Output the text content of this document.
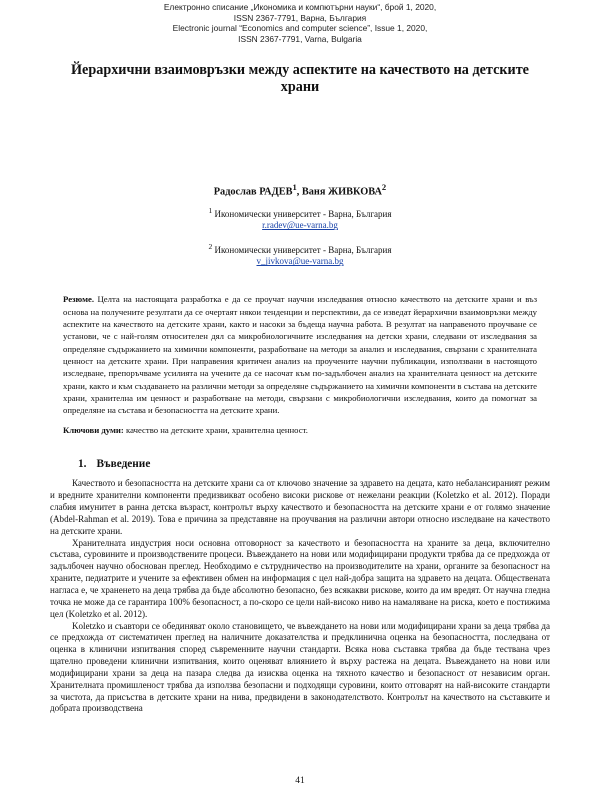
Електронно списание „Икономика и компютърни науки“, брой 1, 2020,
ISSN 2367-7791, Варна, България
Electronic journal “Economics and computer science”, Issue 1, 2020,
ISSN 2367-7791, Varna, Bulgaria
Йерархични взаимовръзки между аспектите на качеството на детските храни
Радослав РАДЕВ$^1$, Ваня ЖИВКОВА$^2$
$^1$ Икономически университет - Варна, България
r.radev@ue-varna.bg
$^2$ Икономически университет - Варна, България
v_jivkova@ue-varna.bg
Резюме. Целта на настоящата разработка е да се проучат научни изследвания относно качеството на детските храни и въз основа на получените резултати да се очертаят някои тенденции и перспективи, да се изведат йерархични взаимовръзки между аспектите на качеството на детските храни, както и насоки за бъдеща научна работа. В резултат на направеното проучване се установи, че с най-голям относителен дял са микробиологичните изследвания на детски храни, следвани от изследвания за определяне съдържанието на химични компоненти, разработване на методи за анализ и изследвания, свързани с хранителната ценност на детските храни. При направения критичен анализ на проучените научни публикации, използвани в настоящото изследване, препоръчваме усилията на учените да се насочат към по-задълбочен анализ на хранителната ценност на детските храни, както и към създаването на различни методи за определяне съдържанието на химични компоненти в състава на детските храни, хранителна им ценност и разработване на методи, свързани с микробиологични изследвания, които да помогнат за определяне на състава и безопасността на детските храни.
Ключови думи: качество на детските храни, хранителна ценност.
1. Въведение

Качеството и безопасността на детските храни са от ключово значение за здравето на децата, като небалансираният режим и вредните хранителни компоненти предизвикват особено високи рискове от нежелани реакции (Koletzko et al. 2012). Поради слабия имунитет в ранна детска възраст, контролът върху качеството и безопасността на детските храни е от голямо значение (Abdel-Rahman et al. 2019). Това е причина за представяне на проучвания на различни автори относно изследване на качеството на детските храни.

Хранителната индустрия носи основна отговорност за качеството и безопасността на храните за деца, включително състава, суровините и производствените процеси. Въвеждането на нови или модифицирани продукти трябва да се предхожда от задълбочен научно обоснован преглед. Необходимо е сътрудничество на производителите на храни, органите за безопасност на храните, педиатрите и учените за ефективен обмен на информация с цел най-добра защита на здравето на децата. Обществената нагласа е, че храненето на деца трябва да бъде абсолютно безопасно, без всякакви рискове, които да им вредят. От научна гледна точка не може да се гарантира 100% безопасност, а по-скоро се цели най-високо ниво на намаляване на риска, което е постижима цел (Koletzko et al. 2012).

Koletzko и съавтори се обединяват около становището, че въвеждането на нови или модифицирани храни за деца трябва да се предхожда от систематичен преглед на наличните доказателства и предклинична оценка на безопасността, последвана от оценка в клинични изпитвания според съвременните научни стандарти. Всяка нова съставка трябва да бъде тествана чрез щателно проведени клинични изпитвания, които оценяват влиянието ѝ върху растежа на децата. Въвеждането на нови или модифицирани храни за деца на пазара следва да изисква оценка на тяхното качество и безопасност от независим орган. Хранителната промишленост трябва да използва безопасни и подходящи суровини, които отговарят на най-високите стандарти за чистота, да присъства в детските храни на нива, предвидени в законодателството. Контролът на качеството на съставките и добрата производствена

41
